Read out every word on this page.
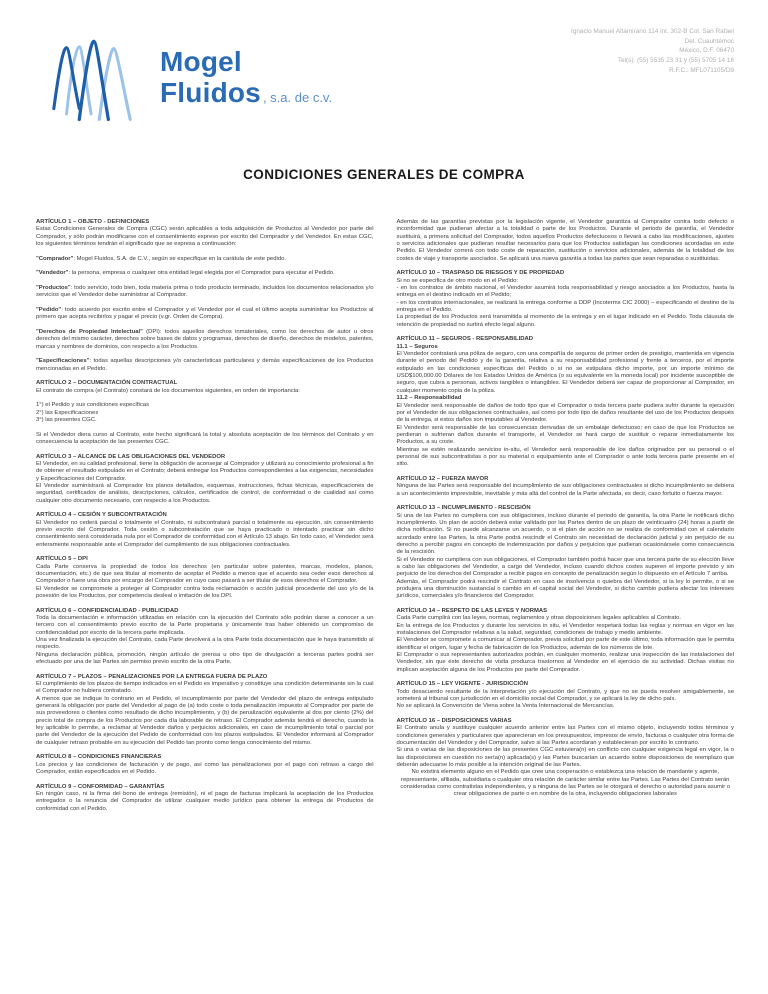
Ignacio Manuel Altamirano 114 int. 302-B Col. San Rafael
Del. Cuauhtémoc
México, D.F. 06470
Tel(s). (55) 5535 23 31 y (55) 5705 14 16
R.F.C.: MFL071105/D9
Mogel
Fluidos , s.a. de c.v.
CONDICIONES GENERALES DE COMPRA

ARTÍCULO 1 – OBJETO - DEFINICIONES

Estas Condiciones Generales de Compra (CGC) serán aplicables a toda adquisición de Productos al Vendedor por parte del Comprador, y sólo podrán modificarse con el consentimiento expreso por escrito del Comprador y del Vendedor. En estas CGC, los siguientes términos tendrán el significado que se expresa a continuación:

"Comprador": Mogel Fluidos, S.A. de C.V., según se especifique en la carátula de este pedido.

"Vendedor": la persona, empresa o cualquier otra entidad legal elegida por el Comprador para ejecutar el Pedido.

"Productos": todo servicio, todo bien, toda materia prima o todo producto terminado, incluidos los documentos relacionados y/o servicios que el Vendedor debe suministrar al Comprador.

"Pedido": todo acuerdo por escrito entre el Comprador y el Vendedor por el cual el último acepta suministrar los Productos al primero que acepta recibirlos y pagar el precio (v.gr. Orden de Compra).

"Derechos de Propiedad Intelectual" (DPI): todos aquellos derechos inmateriales, como los derechos de autor u otros derechos del mismo carácter, derechos sobre bases de datos y programas, derechos de diseño, derechos de modelos, patentes, marcas y nombres de dominios, con respecto a los Productos.

"Especificaciones": todas aquellas descripciones y/o características particulares y demás especificaciones de los Productos mencionadas en el Pedido.

ARTÍCULO 2 – DOCUMENTACIÓN CONTRACTUAL

El contrato de compra (el Contrato) constará de los documentos siguientes, en orden de importancia:

1°) el Pedido y sus condiciones específicas
2°) las Especificaciones
3°) las presentes CGC.

Si el Vendedor diera curso al Contrato, este hecho significará la total y absoluta aceptación de los términos del Contrato y en consecuencia la aceptación de las presentes CGC.

ARTÍCULO 3 – ALCANCE DE LAS OBLIGACIONES DEL VENDEDOR

El Vendedor, en su calidad profesional, tiene la obligación de aconsejar al Comprador y utilizará su conocimiento profesional a fin de obtener el resultado estipulado en el Contrato; deberá entregar los Productos correspondientes a las exigencias, necesidades y Especificaciones del Comprador.

El Vendedor suministrará al Comprador los planos detallados, esquemas, instrucciones, fichas técnicas, especificaciones de seguridad, certificados de análisis, descripciones, cálculos, certificados de control, de conformidad o de cualidad así como cualquier otro documento necesario, con respecto a los Productos.

ARTÍCULO 4 – CESIÓN Y SUBCONTRATACIÓN

El Vendedor no cederá parcial o totalmente el Contrato, ni subcontratará parcial o totalmente su ejecución, sin consentimiento previo escrito del Comprador. Toda cesión o subcontratación que se haya practicado o intentado practicar sin dicho consentimiento será considerada nula por el Comprador de conformidad con el Artículo 13 abajo. En todo caso, el Vendedor será enteramente responsable ante el Comprador del cumplimiento de sus obligaciones contractuales.

ARTÍCULO 5 – DPI

Cada Parte conserva la propiedad de todos los derechos (en particular sobre patentes, marcas, modelos, planos, documentación, etc.) de que sea titular al momento de aceptar el Pedido a menos que el acuerdo sea ceder esos derechos al Comprador o fuere una obra por encargo del Comprador en cuyo caso pasará a ser titular de esos derechos el Comprador.

El Vendedor se compromete a proteger al Comprador contra toda reclamación o acción judicial procedente del uso y/o de la posesión de los Productos, por competencia desleal o imitación de los DPI.

ARTÍCULO 6 – CONFIDENCIALIDAD - PUBLICIDAD

Toda la documentación e información utilizadas en relación con la ejecución del Contrato sólo podrán darse a conocer a un tercero con el consentimiento previo escrito de la Parte propietaria y únicamente tras haber obtenido un compromiso de confidencialidad por escrito de la tercera parte implicada.

Una vez finalizada la ejecución del Contrato, cada Parte devolverá a la otra Parte toda documentación que le haya transmitido al respecto.

Ninguna declaración pública, promoción, ningún artículo de prensa u otro tipo de divulgación a terceras partes podrá ser efectuado por una de las Partes sin permiso previo escrito de la otra Parte.

ARTÍCULO 7 – PLAZOS – PENALIZACIONES POR LA ENTREGA FUERA DE PLAZO

El cumplimiento de los plazos de tiempo indicados en el Pedido es imperativo y constituye una condición determinante sin la cual el Comprador no hubiera contratado.

A menos que se indique lo contrario en el Pedido, el incumplimiento por parte del Vendedor del plazo de entrega estipulado generará la obligación por parte del Vendedor al pago de (a) todo coste o toda penalización impuesto al Comprador por parte de sus proveedores o clientes como resultado de dicho incumplimiento, y (b) de penalización equivalente al dos por ciento (2%) del precio total de compra de los Productos por cada día laborable de retraso. El Comprador además tendrá el derecho, cuando la ley aplicable lo permite, a reclamar al Vendedor daños y perjuicios adicionales, en caso de incumplimiento total o parcial por parte del Vendedor de la ejecución del Pedido de conformidad con los plazos estipulados. El Vendedor informará al Comprador de cualquier retraso probable en su ejecución del Pedido tan pronto como tenga conocimiento del mismo.

ARTÍCULO 8 – CONDICIONES FINANCIERAS

Los precios y las condiciones de facturación y de pago, así como las penalizaciones por el pago con retraso a cargo del Comprador, están especificados en el Pedido.

ARTÍCULO 9 – CONFORMIDAD – GARANTÍAS

En ningún caso, ni la firma del bono de entrega (remisión), ni el pago de facturas implicará la aceptación de los Productos entregados o la renuncia del Comprador de utilizar cualquier medio jurídico para obtener la entrega de Productos de conformidad con el Pedido.

Además de las garantías previstas por la legislación vigente, el Vendedor garantiza al Comprador contra todo defecto o inconformidad que pudieran afectar a la totalidad o parte de los Productos. Durante el periodo de garantía, el Vendedor sustituirá, a primera solicitud del Comprador, todos aquellos Productos defectuosos o llevará a cabo las modificaciones, ajustes o servicios adicionales que pudieran resultar necesarios para que los Productos satisfagan las condiciones acordadas en este Pedido. El Vendedor correrá con todo coste de reparación, sustitución o servicios adicionales, además de la totalidad de los costes de viaje y transporte asociados. Se aplicará una nueva garantía a todas las partes que sean reparadas o sustituidas.

ARTÍCULO 10 – TRASPASO DE RIESGOS Y DE PROPIEDAD

Si no se especifica de otro modo en el Pedido:

- en los contratos de ámbito nacional, el Vendedor asumirá toda responsabilidad y riesgo asociados a los Productos, hasta la entrega en el destino indicado en el Pedido;

- en los contratos internacionales, se realizará la entrega conforme a DDP (Incoterms CIC 2000) – especificando el destino de la entrega en el Pedido.

La propiedad de los Productos será transmitida al momento de la entrega y en el lugar indicado en el Pedido. Toda cláusula de retención de propiedad no surtirá efecto legal alguno.

ARTÍCULO 11 – SEGUROS - RESPONSABILIDAD

11.1 – Seguros

El Vendedor contratará una póliza de seguro, con una compañía de seguros de primer orden de prestigio, mantenida en vigencia durante el periodo del Pedido y de la garantía, relativa a su responsabilidad profesional y frente a terceros, por el importe estipulado en las condiciones específicas del Pedido o si no se estipulara dicho importe, por un importe mínimo de USD$100,000.00 Dólares de los Estados Unidos de América (o su equivalente en la moneda local) por incidente susceptible de seguro, que cubra a personas, activos tangibles o intangibles. El Vendedor deberá ser capaz de proporcionar al Comprador, en cualquier momento copia de la póliza.

11.2 – Responsabilidad

El Vendedor será responsable de daños de todo tipo que el Comprador o toda tercera parte pudiera sufrir durante la ejecución por el Vendedor de sus obligaciones contractuales, así como por todo tipo de daños resultante del uso de los Productos después de la entrega, si estos daños son imputables al Vendedor.

El Vendedor será responsable de las consecuencias derivadas de un embalaje defectuoso; en caso de que los Productos se perdieran o sufrieran daños durante el transporte, el Vendedor se hará cargo de sustituir o reparar inmediatamente los Productos, a su coste.

Mientras se estén realizando servicios in-situ, el Vendedor será responsable de los daños originados por su personal o el personal de sus subcontratistas o por su material o equipamiento ante el Comprador o ante toda tercera parte presente en el sitio.

ARTÍCULO 12 – FUERZA MAYOR

Ninguna de las Partes será responsable del incumplimiento de sus obligaciones contractuales si dicho incumplimiento se debiera a un acontecimiento imprevisible, inevitable y más allá del control de la Parte afectada, es decir, caso fortuito o fuerza mayor.

ARTÍCULO 13 – INCUMPLIMIENTO - RESCISIÓN

Si una de las Partes no cumpliera con sus obligaciones, incluso durante el periodo de garantía, la otra Parte le notificará dicho incumplimiento. Un plan de acción deberá estar validado por las Partes dentro de un plazo de veinticuatro (24) horas a partir de dicha notificación. Si no puede alcanzarse un acuerdo, o si el plan de acción no se realiza de conformidad con el calendario acordado entre las Partes, la otra Parte podrá rescindir el Contrato sin necesidad de declaración judicial y sin perjuicio de su derecho a percibir pagos en concepto de indemnización por daños y perjuicios que pudieran ocasionársele como consecuencia de la rescisión.

Si el Vendedor no cumpliera con sus obligaciones, el Comprador también podrá hacer que una tercera parte de su elección lleve a cabo las obligaciones del Vendedor, a cargo del Vendedor, incluso cuando dichos costes superen el importe previsto y sin perjuicio de los derechos del Comprador a recibir pagos en concepto de penalización según lo dispuesto en el Artículo 7 arriba.

Además, el Comprador podrá rescindir el Contrato en caso de insolvencia o quiebra del Vendedor, si la ley lo permite, o si se produjera una disminución sustancial o cambio en el capital social del Vendedor, si dicho cambio pudiera afectar los intereses jurídicos, comerciales y/o financieros del Comprador.

ARTÍCULO 14 – RESPETO DE LAS LEYES Y NORMAS

Cada Parte cumplirá con las leyes, normas, reglamentos y otras disposiciones legales aplicables al Contrato.

En la entrega de los Productos y durante los servicios in situ, el Vendedor respetará todas las reglas y normas en vigor en las instalaciones del Comprador relativas a la salud, seguridad, condiciones de trabajo y medio ambiente.

El Vendedor se compromete a comunicar al Comprador, previa solicitud por parte de este último, toda información que le permita identificar el origen, lugar y fecha de fabricación de los Productos, además de los números de lote.

El Comprador o sus representantes autorizados podrán, en cualquier momento, realizar una inspección de las instalaciones del Vendedor, sin que éste derecho de visita produzca trastornos al Vendedor en el ejercicio de su actividad. Dichas visitas no implican aceptación alguna de los Productos por parte del Comprador.

ARTÍCULO 15 – LEY VIGENTE - JURISDICCIÓN

Todo desacuerdo resultante de la interpretación y/o ejecución del Contrato, y que no se pueda resolver amigablemente, se someterá al tribunal con jurisdicción en el domicilio social del Comprador, y se aplicará la ley de dicho país.

No se aplicará la Convención de Viena sobre la Venta Internacional de Mercancías.

ARTÍCULO 16 – DISPOSICIONES VARIAS

El Contrato anula y sustituye cualquier acuerdo anterior entre las Partes con el mismo objeto, incluyendo todos términos y condiciones generales y particulares que aparecieran en los presupuestos, impresos de envío, facturas o cualquier otra forma de documentación del Vendedor y del Comprador, salvo si las Partes acordaran y establecieran por escrito lo contrario.

Si una o varias de las disposiciones de las presentes CGC estuviera(n) en conflicto con cualquier exigencia legal en vigor, la o las disposiciones en cuestión no sería(n) aplicada(s) y las Partes buscarían un acuerdo sobre disposiciones de reemplazo que deberán adecuarse lo más posible a la intención original de las Partes.

No existirá elemento alguno en el Pedido que cree una cooperación o establezca una relación de mandante y agente, representante, afiliada, subsidiaria o cualquier otra relación de carácter similar entre las Partes. Las Partes del Contrato serán consideradas como contratistas independientes, y a ninguna de las Partes se le otorgará el derecho o autoridad para asumir o crear obligaciones de parte o en nombre de la otra, incluyendo obligaciones laborales
